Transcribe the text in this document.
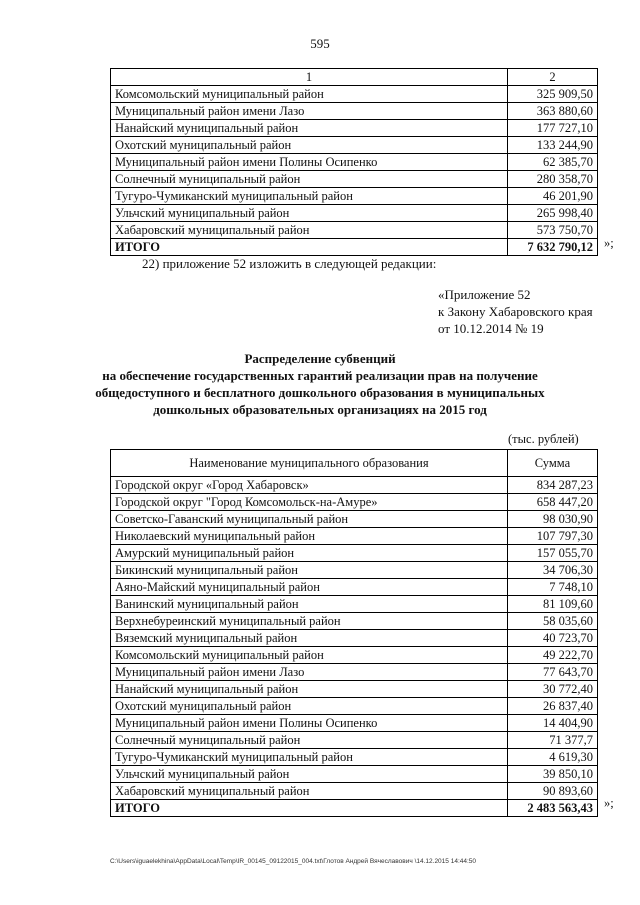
595
1	2
Комсомольский муниципальный район	325 909,50
Муниципальный район имени Лазо	363 880,60
Нанайский муниципальный район	177 727,10
Охотский муниципальный район	133 244,90
Муниципальный район имени Полины Осипенко	62 385,70
Солнечный муниципальный район	280 358,70
Тугуро-Чумиканский муниципальный район	46 201,90
Ульчский муниципальный район	265 998,40
Хабаровский муниципальный район	573 750,70
ИТОГО	7 632 790,12 »;
22) приложение 52 изложить в следующей редакции:
«Приложение 52
к Закону Хабаровского края
от 10.12.2014 № 19
Распределение субвенций
на обеспечение государственных гарантий реализации прав на получение
общедоступного и бесплатного дошкольного образования в муниципальных
дошкольных образовательных организациях на 2015 год
(тыс. рублей)
Наименование муниципального образования	Сумма
Городской округ «Город Хабаровск»	834 287,23
Городской округ "Город Комсомольск-на-Амуре»	658 447,20
Советско-Гаванский муниципальный район	98 030,90
Николаевский муниципальный район	107 797,30
Амурский муниципальный район	157 055,70
Бикинский муниципальный район	34 706,30
Аяно-Майский муниципальный район	7 748,10
Ванинский муниципальный район	81 109,60
Верхнебуреинский муниципальный район	58 035,60
Вяземский муниципальный район	40 723,70
Комсомольский муниципальный район	49 222,70
Муниципальный район имени Лазо	77 643,70
Нанайский муниципальный район	30 772,40
Охотский муниципальный район	26 837,40
Муниципальный район имени Полины Осипенко	14 404,90
Солнечный муниципальный район	71 377,7
Тугуро-Чумиканский муниципальный район	4 619,30
Ульчский муниципальный район	39 850,10
Хабаровский муниципальный район	90 893,60
ИТОГО	2 483 563,43 »;
C:\Users\iguaelekhina\AppData\Local\Temp\IR_00145_09122015_004.txt\Глотов Андрей Вячеславович \14.12.2015 14:44:50
